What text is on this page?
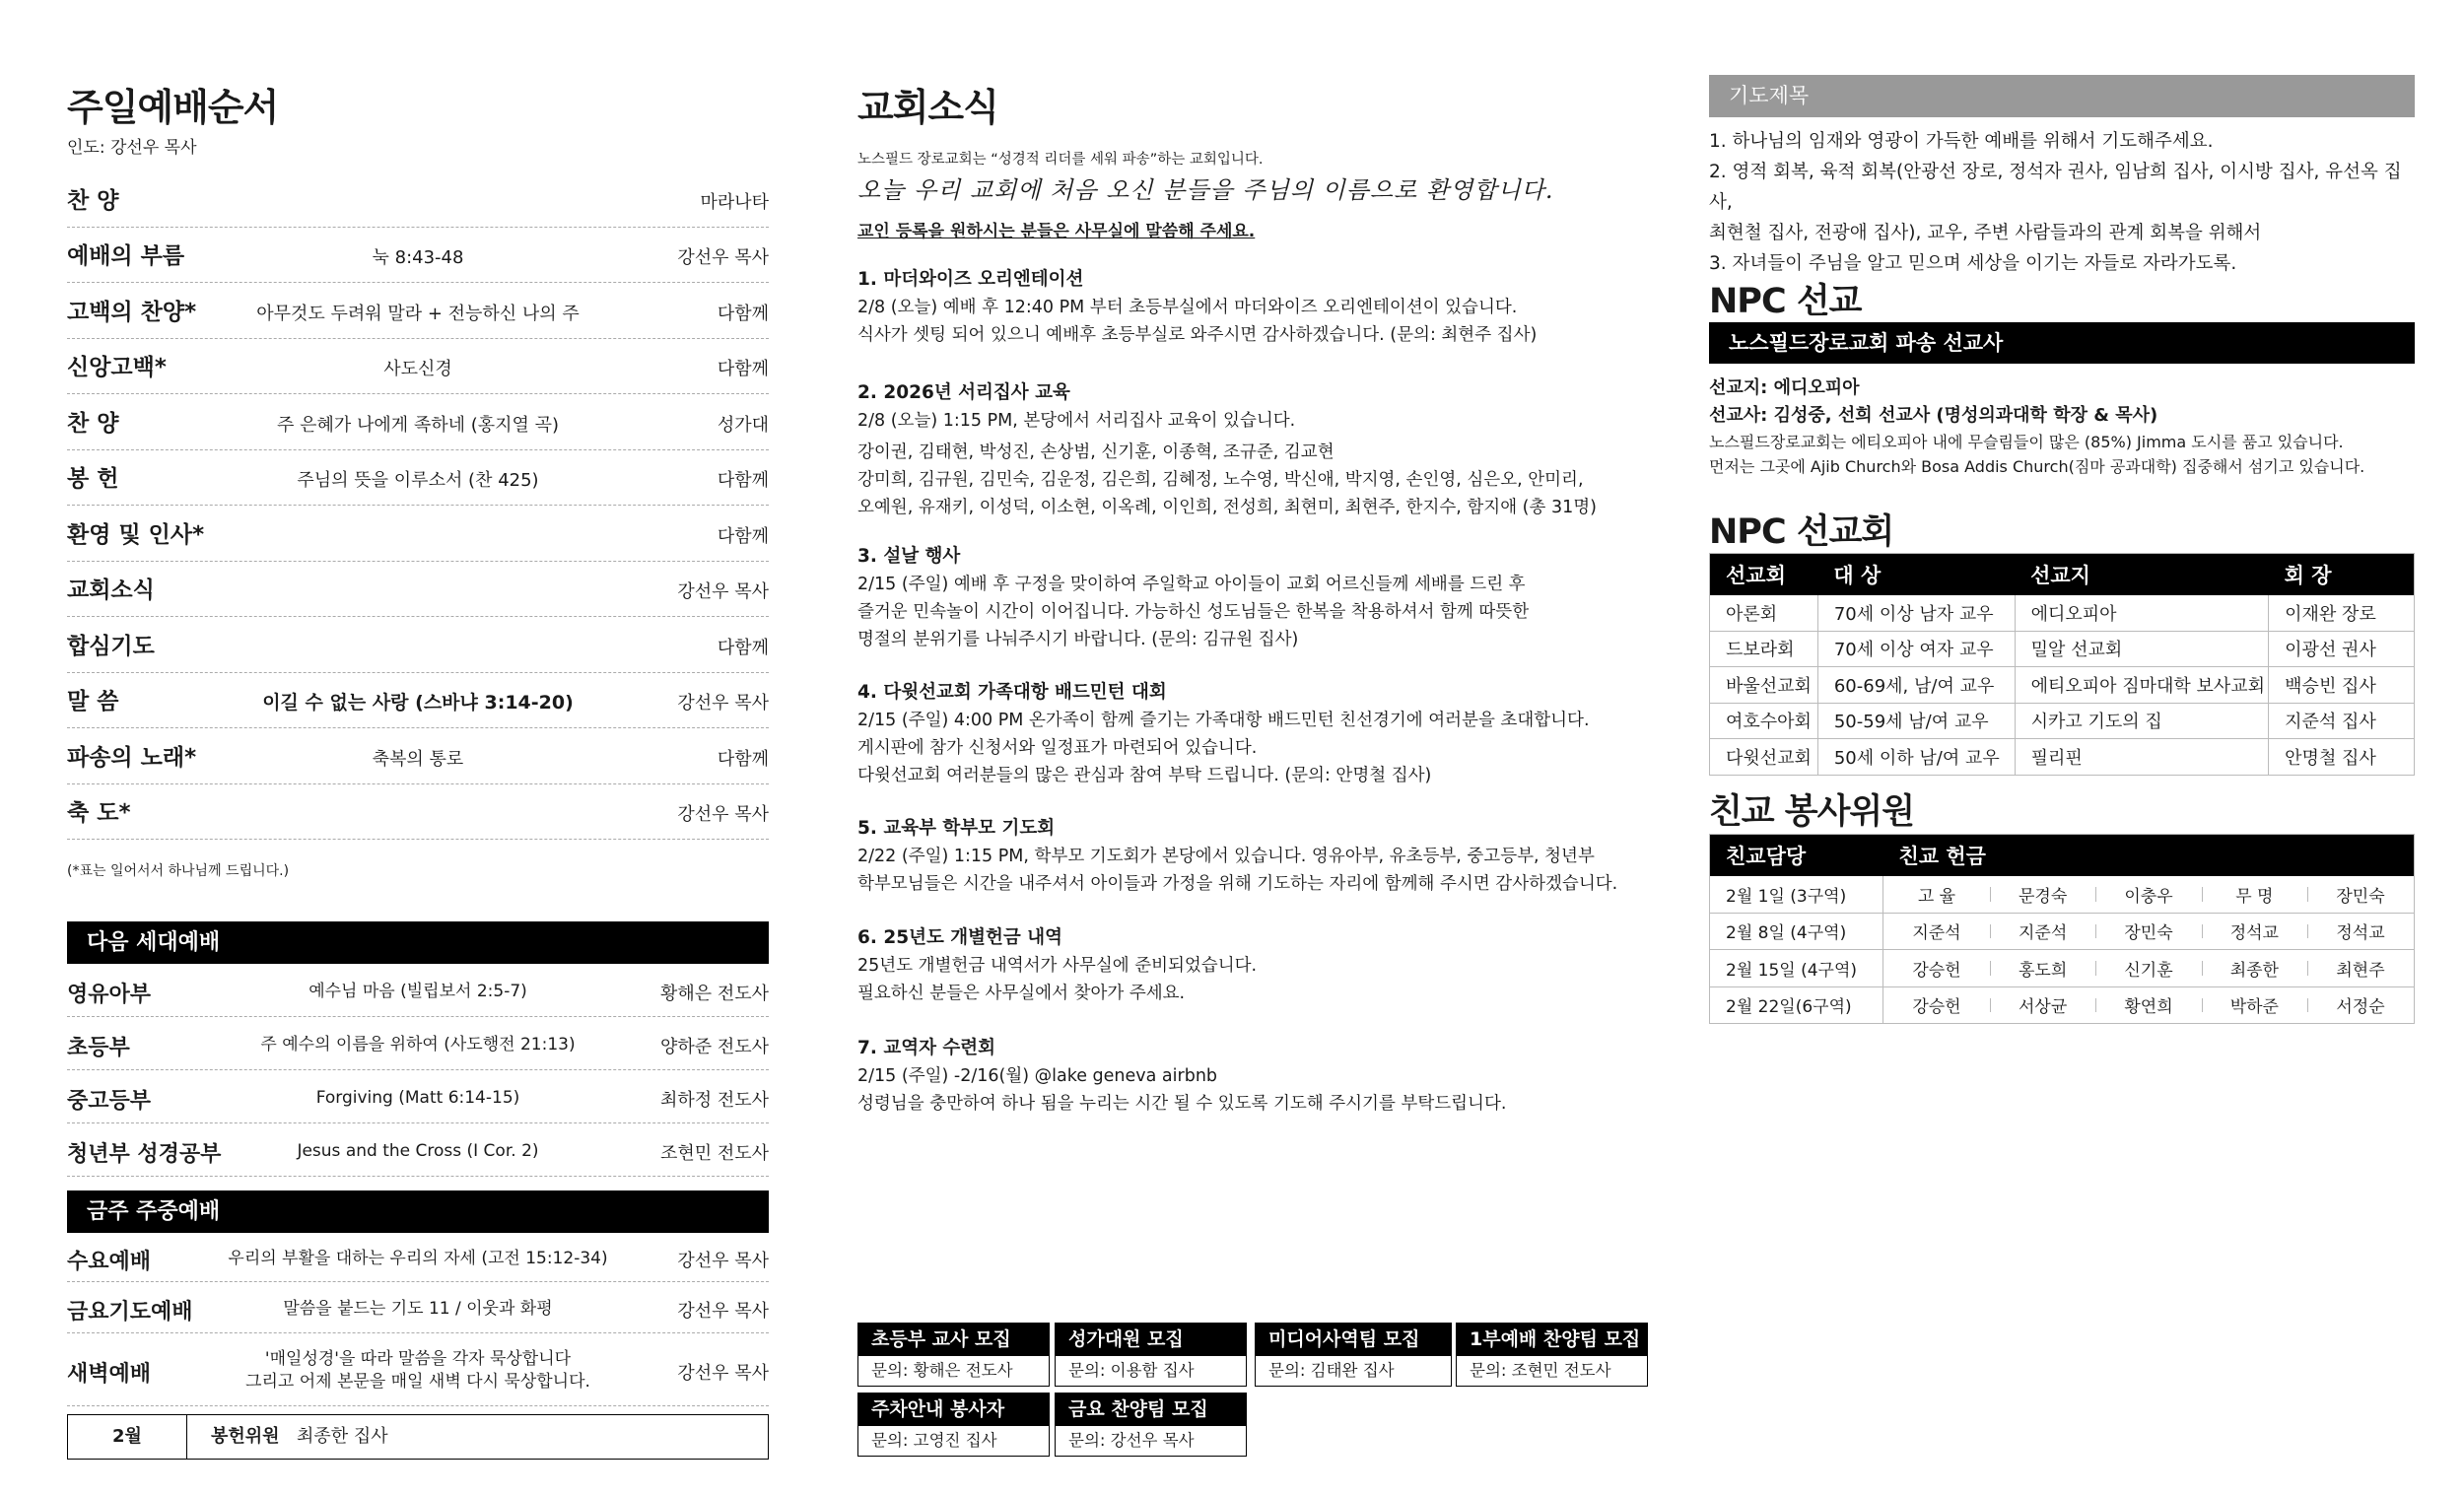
주일예배순서
인도: 강선우 목사
찬 양	마라나타
예배의 부름	눅 8:43-48	강선우 목사
고백의 찬양*	아무것도 두려워 말라 + 전능하신 나의 주	다함께
신앙고백*	사도신경	다함께
찬 양	주 은혜가 나에게 족하네 (홍지열 곡)	성가대
봉 헌	주님의 뜻을 이루소서 (찬 425)	다함께
환영 및 인사*	다함께
교회소식	강선우 목사
합심기도	다함께
말 씀	이길 수 없는 사랑 (스바냐 3:14-20)	강선우 목사
파송의 노래*	축복의 통로	다함께
축 도*	강선우 목사
(*표는 일어서서 하나님께 드립니다.)
다음 세대예배
영유아부	예수님 마음 (빌립보서 2:5-7)	황해은 전도사
초등부	주 예수의 이름을 위하여 (사도행전 21:13)	양하준 전도사
중고등부	Forgiving (Matt 6:14-15)	최하정 전도사
청년부 성경공부	Jesus and the Cross (I Cor. 2)	조현민 전도사
금주 주중예배
수요예배	우리의 부활을 대하는 우리의 자세 (고전 15:12-34)	강선우 목사
금요기도예배	말씀을 붙드는 기도 11 / 이웃과 화평	강선우 목사
새벽예배
'매일성경'을 따라 말씀을 각자 묵상합니다
그리고 어제 본문을 매일 새벽 다시 묵상합니다.	강선우 목사
2월	봉헌위원 최종한 집사
교회소식
노스필드 장로교회는 “성경적 리더를 세워 파송”하는 교회입니다.
오늘 우리 교회에 처음 오신 분들을 주님의 이름으로 환영합니다.
교인 등록을 원하시는 분들은 사무실에 말씀해 주세요.
1. 마더와이즈 오리엔테이션
2/8 (오늘) 예배 후 12:40 PM 부터 초등부실에서 마더와이즈 오리엔테이션이 있습니다.
식사가 셋팅 되어 있으니 예배후 초등부실로 와주시면 감사하겠습니다. (문의: 최현주 집사)
2. 2026년 서리집사 교육
2/8 (오늘) 1:15 PM, 본당에서 서리집사 교육이 있습니다.
강이권, 김태현, 박성진, 손상범, 신기훈, 이종혁, 조규준, 김교현
강미희, 김규원, 김민숙, 김운정, 김은희, 김혜정, 노수영, 박신애, 박지영, 손인영, 심은오, 안미리,
오예원, 유재키, 이성덕, 이소현, 이옥례, 이인희, 전성희, 최현미, 최현주, 한지수, 함지애 (총 31명)
3. 설날 행사
2/15 (주일) 예배 후 구정을 맞이하여 주일학교 아이들이 교회 어르신들께 세배를 드린 후
즐거운 민속놀이 시간이 이어집니다. 가능하신 성도님들은 한복을 착용하셔서 함께 따뜻한
명절의 분위기를 나눠주시기 바랍니다. (문의: 김규원 집사)
4. 다윗선교회 가족대항 배드민턴 대회
2/15 (주일) 4:00 PM 온가족이 함께 즐기는 가족대항 배드민턴 친선경기에 여러분을 초대합니다.
게시판에 참가 신청서와 일정표가 마련되어 있습니다.
다윗선교회 여러분들의 많은 관심과 참여 부탁 드립니다. (문의: 안명철 집사)
5. 교육부 학부모 기도회
2/22 (주일) 1:15 PM, 학부모 기도회가 본당에서 있습니다. 영유아부, 유초등부, 중고등부, 청년부
학부모님들은 시간을 내주셔서 아이들과 가정을 위해 기도하는 자리에 함께해 주시면 감사하겠습니다.
6. 25년도 개별헌금 내역
25년도 개별헌금 내역서가 사무실에 준비되었습니다.
필요하신 분들은 사무실에서 찾아가 주세요.
7. 교역자 수련회
2/15 (주일) -2/16(월) @lake geneva airbnb
성령님을 충만하여 하나 됨을 누리는 시간 될 수 있도록 기도해 주시기를 부탁드립니다.
초등부 교사 모집
문의: 황해은 전도사
성가대원 모집
문의: 이용함 집사
미디어사역팀 모집
문의: 김태완 집사
1부예배 찬양팀 모집
문의: 조현민 전도사
주차안내 봉사자
문의: 고영진 집사
금요 찬양팀 모집
문의: 강선우 목사
기도제목
1. 하나님의 임재와 영광이 가득한 예배를 위해서 기도해주세요.
2. 영적 회복, 육적 회복(안광선 장로, 정석자 권사, 임남희 집사, 이시방 집사, 유선옥 집사,
최현철 집사, 전광애 집사), 교우, 주변 사람들과의 관계 회복을 위해서
3. 자녀들이 주님을 알고 믿으며 세상을 이기는 자들로 자라가도록.
NPC 선교
노스필드장로교회 파송 선교사
선교지: 에디오피아
선교사: 김성중, 선희 선교사 (명성의과대학 학장 & 목사)
노스필드장로교회는 에티오피아 내에 무슬림들이 많은 (85%) Jimma 도시를 품고 있습니다.
먼저는 그곳에 Ajib Church와 Bosa Addis Church(짐마 공과대학) 집중해서 섬기고 있습니다.
NPC 선교회
선교회	대 상	선교지	회 장
아론회	70세 이상 남자 교우	에디오피아	이재완 장로
드보라회	70세 이상 여자 교우	밀알 선교회	이광선 권사
바울선교회	60-69세, 남/여 교우	에티오피아 짐마대학 보사교회	백승빈 집사
여호수아회	50-59세 남/여 교우	시카고 기도의 집	지준석 집사
다윗선교회	50세 이하 남/여 교우	필리핀	안명철 집사
친교 봉사위원
친교담당	친교 헌금				
2월 1일 (3구역)	고 율	문경숙	이충우	무 명	장민숙
2월 8일 (4구역)	지준석	지준석	장민숙	정석교	정석교
2월 15일 (4구역)	강승헌	홍도희	신기훈	최종한	최현주
2월 22일(6구역)	강승헌	서상균	황연희	박하준	서정순
